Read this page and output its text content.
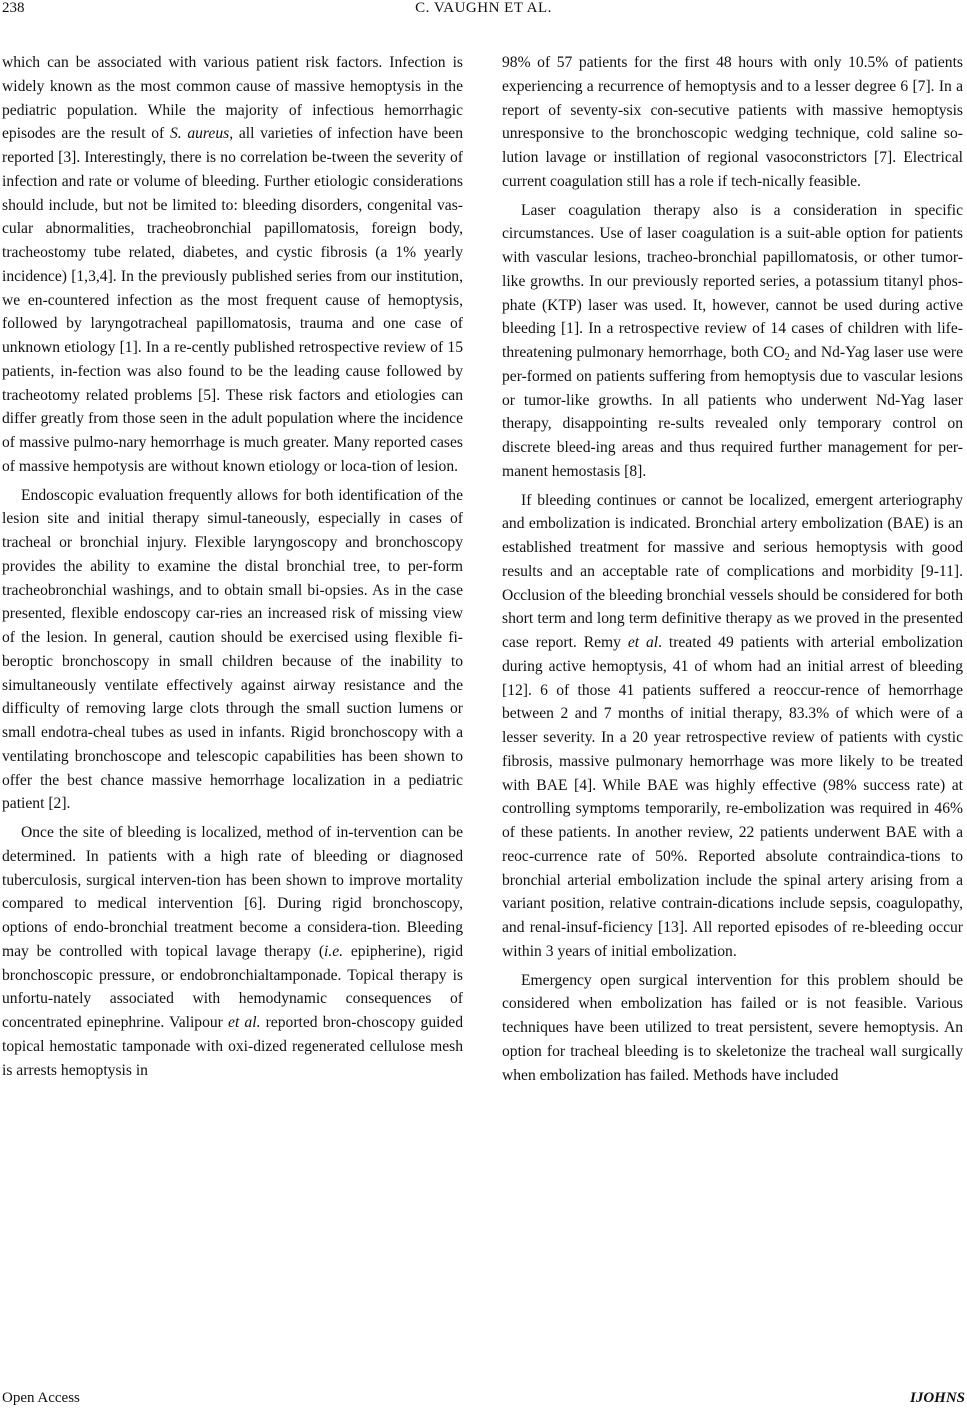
238	C. VAUGHN ET AL.

which can be associated with various patient risk factors. Infection is widely known as the most common cause of massive hemoptysis in the pediatric population. While the majority of infectious hemorrhagic episodes are the result of S. aureus, all varieties of infection have been reported [3]. Interestingly, there is no correlation be-tween the severity of infection and rate or volume of bleeding. Further etiologic considerations should include, but not be limited to: bleeding disorders, congenital vas-cular abnormalities, tracheobronchial papillomatosis, foreign body, tracheostomy tube related, diabetes, and cystic fibrosis (a 1% yearly incidence) [1,3,4]. In the previously published series from our institution, we en-countered infection as the most frequent cause of hemoptysis, followed by laryngotracheal papillomatosis, trauma and one case of unknown etiology [1]. In a re-cently published retrospective review of 15 patients, in-fection was also found to be the leading cause followed by tracheotomy related problems [5]. These risk factors and etiologies can differ greatly from those seen in the adult population where the incidence of massive pulmo-nary hemorrhage is much greater. Many reported cases of massive hempotysis are without known etiology or loca-tion of lesion.

Endoscopic evaluation frequently allows for both identification of the lesion site and initial therapy simul-taneously, especially in cases of tracheal or bronchial injury. Flexible laryngoscopy and bronchoscopy provides the ability to examine the distal bronchial tree, to per-form tracheobronchial washings, and to obtain small bi-opsies. As in the case presented, flexible endoscopy car-ries an increased risk of missing view of the lesion. In general, caution should be exercised using flexible fi-beroptic bronchoscopy in small children because of the inability to simultaneously ventilate effectively against airway resistance and the difficulty of removing large clots through the small suction lumens or small endotra-cheal tubes as used in infants. Rigid bronchoscopy with a ventilating bronchoscope and telescopic capabilities has been shown to offer the best chance massive hemorrhage localization in a pediatric patient [2].

Once the site of bleeding is localized, method of in-tervention can be determined. In patients with a high rate of bleeding or diagnosed tuberculosis, surgical interven-tion has been shown to improve mortality compared to medical intervention [6]. During rigid bronchoscopy, options of endo-bronchial treatment become a considera-tion. Bleeding may be controlled with topical lavage therapy (i.e. epipherine), rigid bronchoscopic pressure, or endobronchialtamponade. Topical therapy is unfortu-nately associated with hemodynamic consequences of concentrated epinephrine. Valipour et al. reported bron-choscopy guided topical hemostatic tamponade with oxi-dized regenerated cellulose mesh is arrests hemoptysis in

98% of 57 patients for the first 48 hours with only 10.5% of patients experiencing a recurrence of hemoptysis and to a lesser degree 6 [7]. In a report of seventy-six con-secutive patients with massive hemoptysis unresponsive to the bronchoscopic wedging technique, cold saline so-lution lavage or instillation of regional vasoconstrictors [7]. Electrical current coagulation still has a role if tech-nically feasible.

Laser coagulation therapy also is a consideration in specific circumstances. Use of laser coagulation is a suit-able option for patients with vascular lesions, tracheo-bronchial papillomatosis, or other tumor-like growths. In our previously reported series, a potassium titanyl phos-phate (KTP) laser was used. It, however, cannot be used during active bleeding [1]. In a retrospective review of 14 cases of children with life-threatening pulmonary hemorrhage, both $CO_2$ and Nd-Yag laser use were per-formed on patients suffering from hemoptysis due to vascular lesions or tumor-like growths. In all patients who underwent Nd-Yag laser therapy, disappointing re-sults revealed only temporary control on discrete bleed-ing areas and thus required further management for per-manent hemostasis [8].

If bleeding continues or cannot be localized, emergent arteriography and embolization is indicated. Bronchial artery embolization (BAE) is an established treatment for massive and serious hemoptysis with good results and an acceptable rate of complications and morbidity [9-11]. Occlusion of the bleeding bronchial vessels should be considered for both short term and long term definitive therapy as we proved in the presented case report. Remy et al. treated 49 patients with arterial embolization during active hemoptysis, 41 of whom had an initial arrest of bleeding [12]. 6 of those 41 patients suffered a reoccur-rence of hemorrhage between 2 and 7 months of initial therapy, 83.3% of which were of a lesser severity. In a 20 year retrospective review of patients with cystic fibrosis, massive pulmonary hemorrhage was more likely to be treated with BAE [4]. While BAE was highly effective (98% success rate) at controlling symptoms temporarily, re-embolization was required in 46% of these patients. In another review, 22 patients underwent BAE with a reoc-currence rate of 50%. Reported absolute contraindica-tions to bronchial arterial embolization include the spinal artery arising from a variant position, relative contrain-dications include sepsis, coagulopathy, and renal-insuf-ficiency [13]. All reported episodes of re-bleeding occur within 3 years of initial embolization.

Emergency open surgical intervention for this problem should be considered when embolization has failed or is not feasible. Various techniques have been utilized to treat persistent, severe hemoptysis. An option for tracheal bleeding is to skeletonize the tracheal wall surgically when embolization has failed. Methods have included

Open Access	IJOHNS
